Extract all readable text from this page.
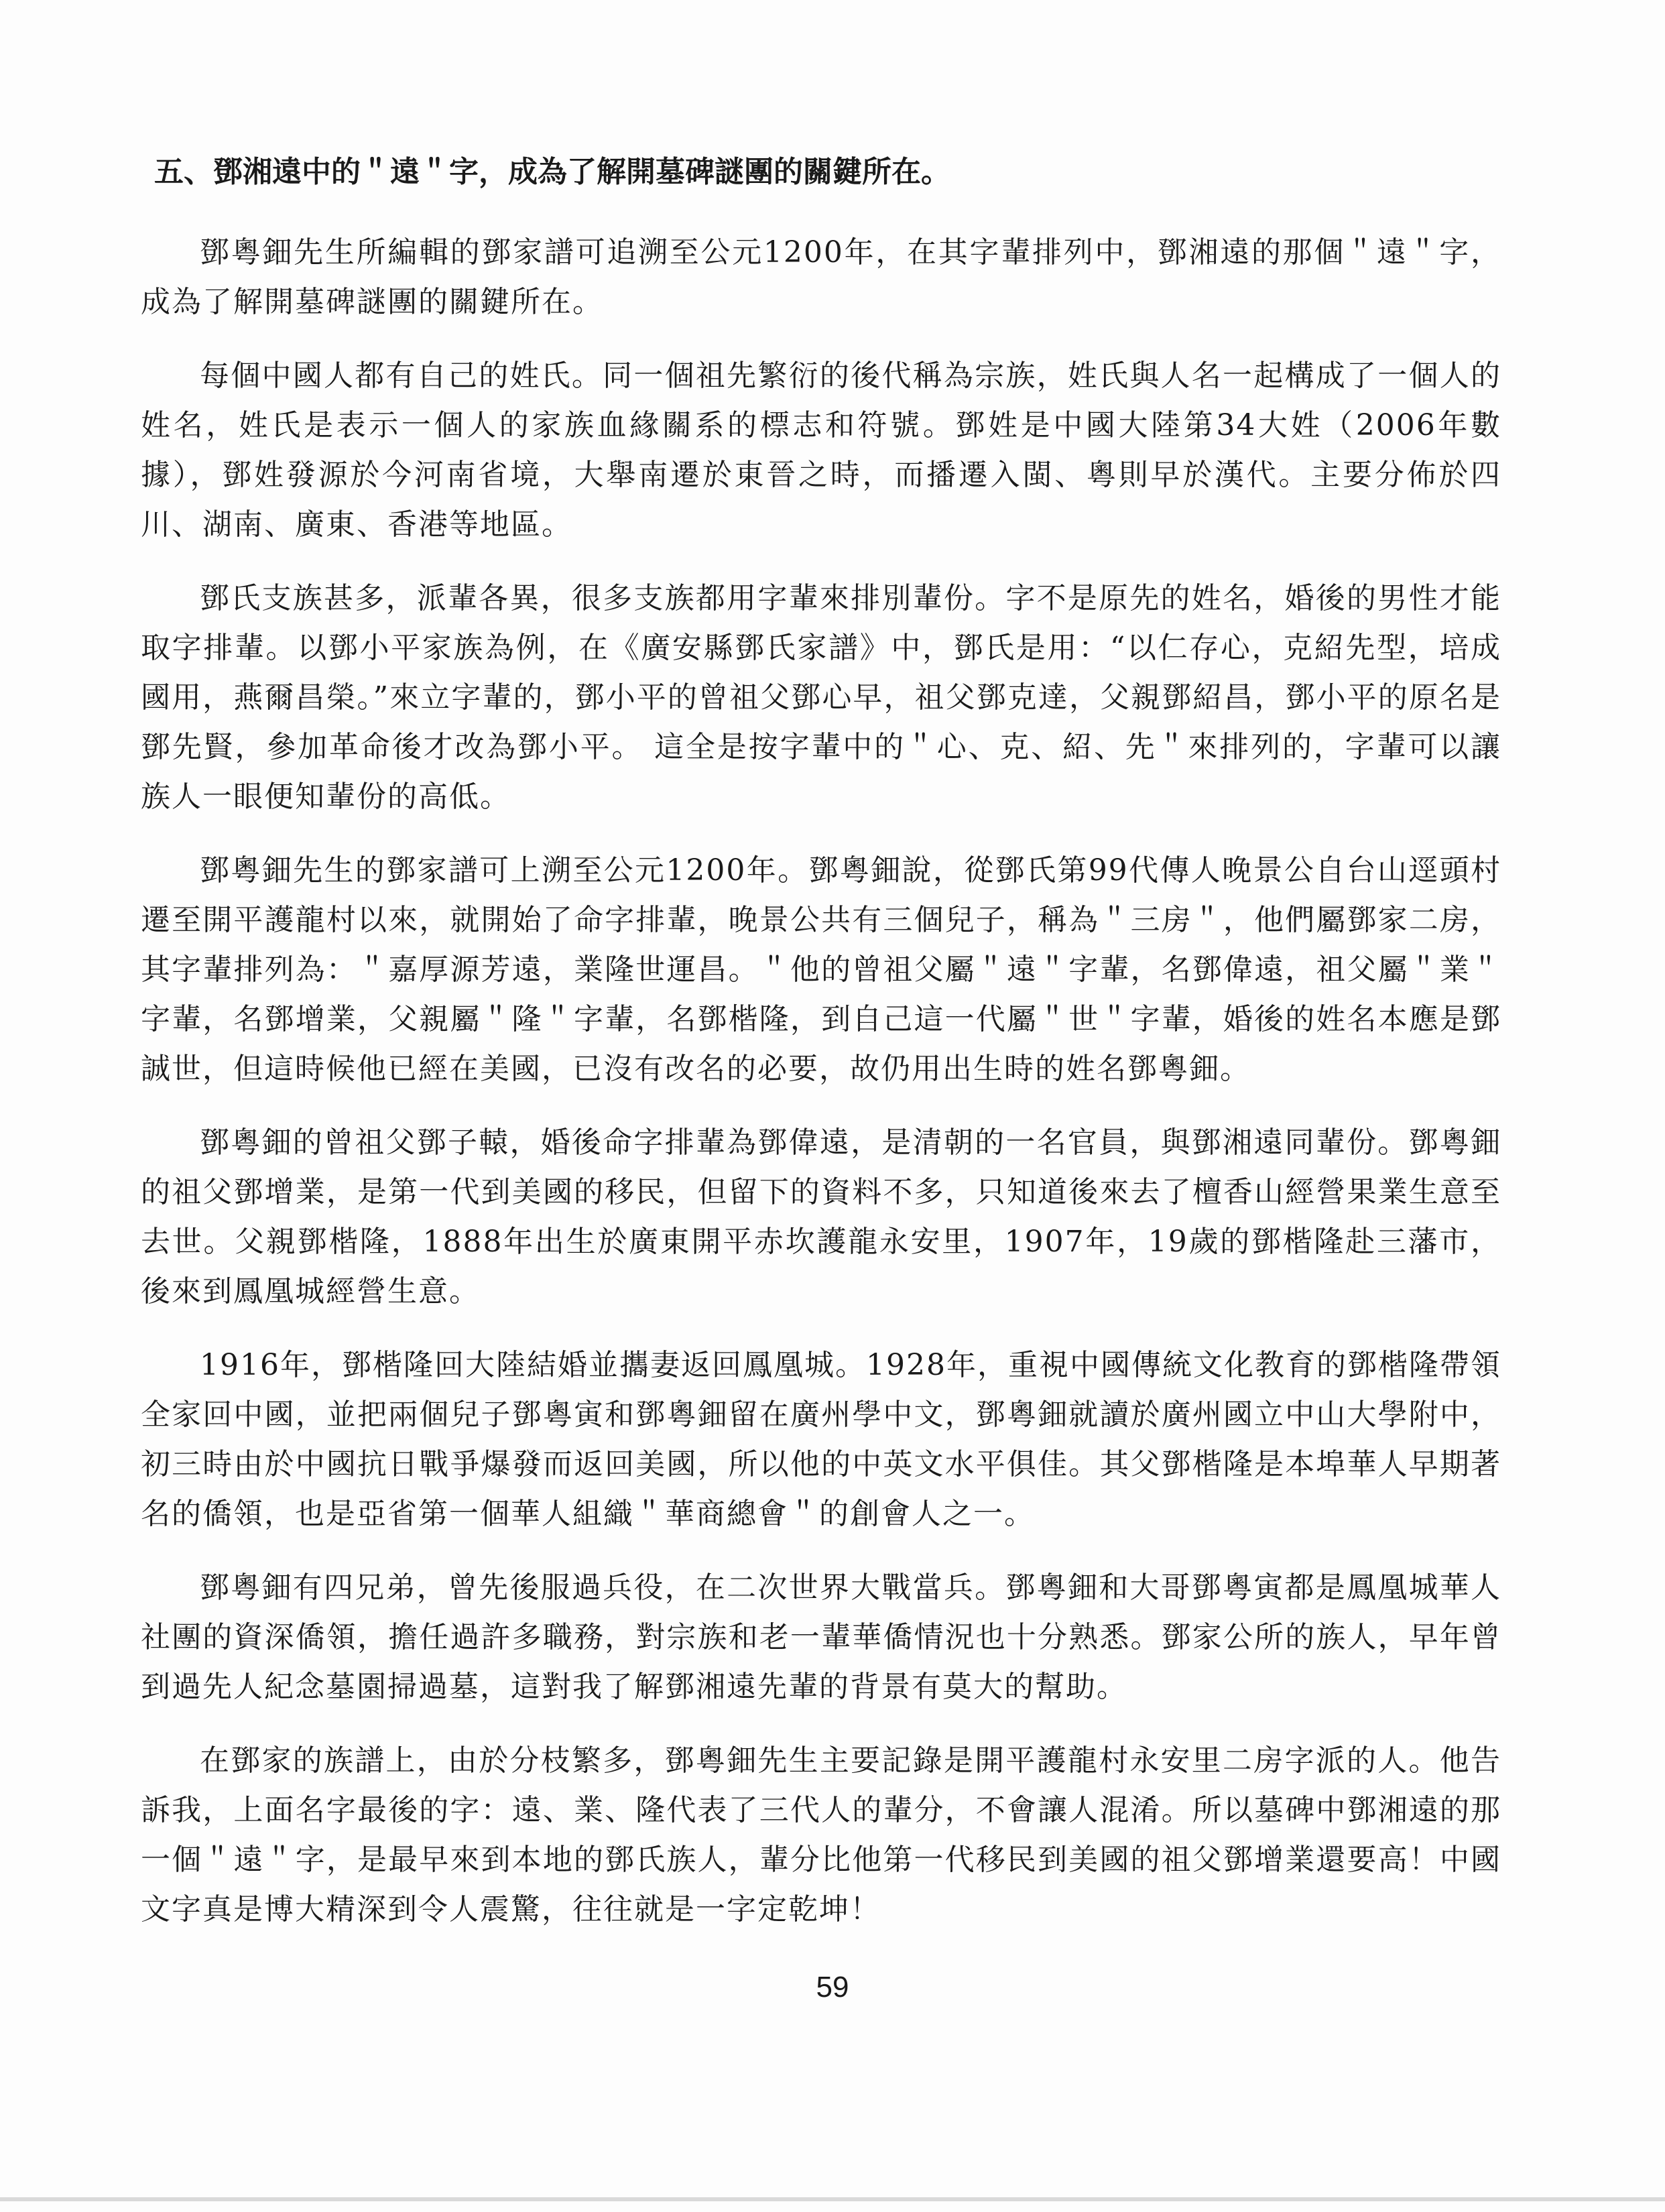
五、鄧湘遠中的＂遠＂字，成為了解開墓碑謎團的關鍵所在。

鄧粵鈿先生所編輯的鄧家譜可追溯至公元1200年，在其字輩排列中，鄧湘遠的那個＂遠＂字，成為了解開墓碑謎團的關鍵所在。

每個中國人都有自己的姓氏。同一個祖先繁衍的後代稱為宗族，姓氏與人名一起構成了一個人的姓名，姓氏是表示一個人的家族血緣關系的標志和符號。鄧姓是中國大陸第34大姓（2006年數據），鄧姓發源於今河南省境，大舉南遷於東晉之時，而播遷入閩、粵則早於漢代。主要分佈於四川、湖南、廣東、香港等地區。

鄧氏支族甚多，派輩各異，很多支族都用字輩來排別輩份。字不是原先的姓名，婚後的男性才能取字排輩。以鄧小平家族為例，在《廣安縣鄧氏家譜》中，鄧氏是用：“以仁存心，克紹先型，培成國用，燕爾昌榮。”來立字輩的，鄧小平的曾祖父鄧心早，祖父鄧克達，父親鄧紹昌，鄧小平的原名是鄧先賢，參加革命後才改為鄧小平。 這全是按字輩中的＂心、克、紹、先＂來排列的，字輩可以讓族人一眼便知輩份的高低。

鄧粵鈿先生的鄧家譜可上溯至公元1200年。鄧粵鈿說，從鄧氏第99代傳人晚景公自台山逕頭村遷至開平護龍村以來，就開始了命字排輩，晚景公共有三個兒子，稱為＂三房＂，他們屬鄧家二房，其字輩排列為：＂嘉厚源芳遠，業隆世運昌。＂他的曾祖父屬＂遠＂字輩，名鄧偉遠，祖父屬＂業＂字輩，名鄧增業，父親屬＂隆＂字輩，名鄧楷隆，到自己這一代屬＂世＂字輩，婚後的姓名本應是鄧誠世，但這時候他已經在美國，已沒有改名的必要，故仍用出生時的姓名鄧粵鈿。

鄧粵鈿的曾祖父鄧子轅，婚後命字排輩為鄧偉遠，是清朝的一名官員，與鄧湘遠同輩份。鄧粵鈿的祖父鄧增業，是第一代到美國的移民，但留下的資料不多，只知道後來去了檀香山經營果業生意至去世。父親鄧楷隆，1888年出生於廣東開平赤坎護龍永安里，1907年，19歲的鄧楷隆赴三藩市，後來到鳳凰城經營生意。

1916年，鄧楷隆回大陸結婚並攜妻返回鳳凰城。1928年，重視中國傳統文化教育的鄧楷隆帶領全家回中國，並把兩個兒子鄧粵寅和鄧粵鈿留在廣州學中文，鄧粵鈿就讀於廣州國立中山大學附中，初三時由於中國抗日戰爭爆發而返回美國，所以他的中英文水平俱佳。其父鄧楷隆是本埠華人早期著名的僑領，也是亞省第一個華人組織＂華商總會＂的創會人之一。

鄧粵鈿有四兄弟，曾先後服過兵役，在二次世界大戰當兵。鄧粵鈿和大哥鄧粵寅都是鳳凰城華人社團的資深僑領，擔任過許多職務，對宗族和老一輩華僑情況也十分熟悉。鄧家公所的族人，早年曾到過先人紀念墓園掃過墓，這對我了解鄧湘遠先輩的背景有莫大的幫助。

在鄧家的族譜上，由於分枝繁多，鄧粵鈿先生主要記錄是開平護龍村永安里二房字派的人。他告訴我，上面名字最後的字：遠、業、隆代表了三代人的輩分，不會讓人混淆。所以墓碑中鄧湘遠的那一個＂遠＂字，是最早來到本地的鄧氏族人，輩分比他第一代移民到美國的祖父鄧增業還要高！中國文字真是博大精深到令人震驚，往往就是一字定乾坤！

59
